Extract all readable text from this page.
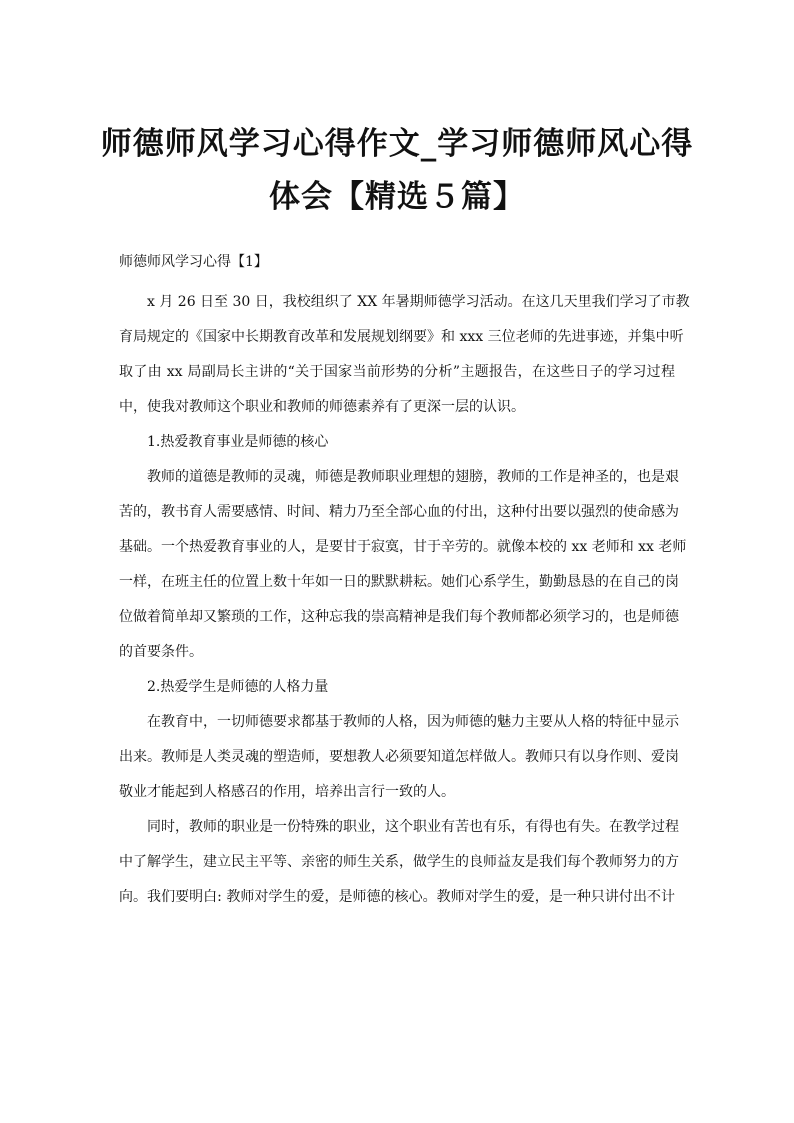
师德师风学习心得作文_学习师德师风心得
体会【精选５篇】
师德师风学习心得【1】

x 月 26 日至 30 日，我校组织了 XX 年暑期师德学习活动。在这几天里我们学习了市教
育局规定的《国家中长期教育改革和发展规划纲要》和 xxx 三位老师的先进事迹，并集中听
取了由 xx 局副局长主讲的“关于国家当前形势的分析”主题报告，在这些日子的学习过程
中，使我对教师这个职业和教师的师德素养有了更深一层的认识。

1.热爱教育事业是师德的核心

教师的道德是教师的灵魂，师德是教师职业理想的翅膀，教师的工作是神圣的，也是艰
苦的，教书育人需要感情、时间、精力乃至全部心血的付出，这种付出要以强烈的使命感为
基础。一个热爱教育事业的人，是要甘于寂寞，甘于辛劳的。就像本校的 xx 老师和 xx 老师
一样，在班主任的位置上数十年如一日的默默耕耘。她们心系学生，勤勤恳恳的在自己的岗
位做着简单却又繁琐的工作，这种忘我的崇高精神是我们每个教师都必须学习的，也是师德
的首要条件。

2.热爱学生是师德的人格力量

在教育中，一切师德要求都基于教师的人格，因为师德的魅力主要从人格的特征中显示
出来。教师是人类灵魂的塑造师，要想教人必须要知道怎样做人。教师只有以身作则、爱岗
敬业才能起到人格感召的作用，培养出言行一致的人。

同时，教师的职业是一份特殊的职业，这个职业有苦也有乐，有得也有失。在教学过程
中了解学生，建立民主平等、亲密的师生关系，做学生的良师益友是我们每个教师努力的方
向。我们要明白: 教师对学生的爱，是师德的核心。教师对学生的爱，是一种只讲付出不计
